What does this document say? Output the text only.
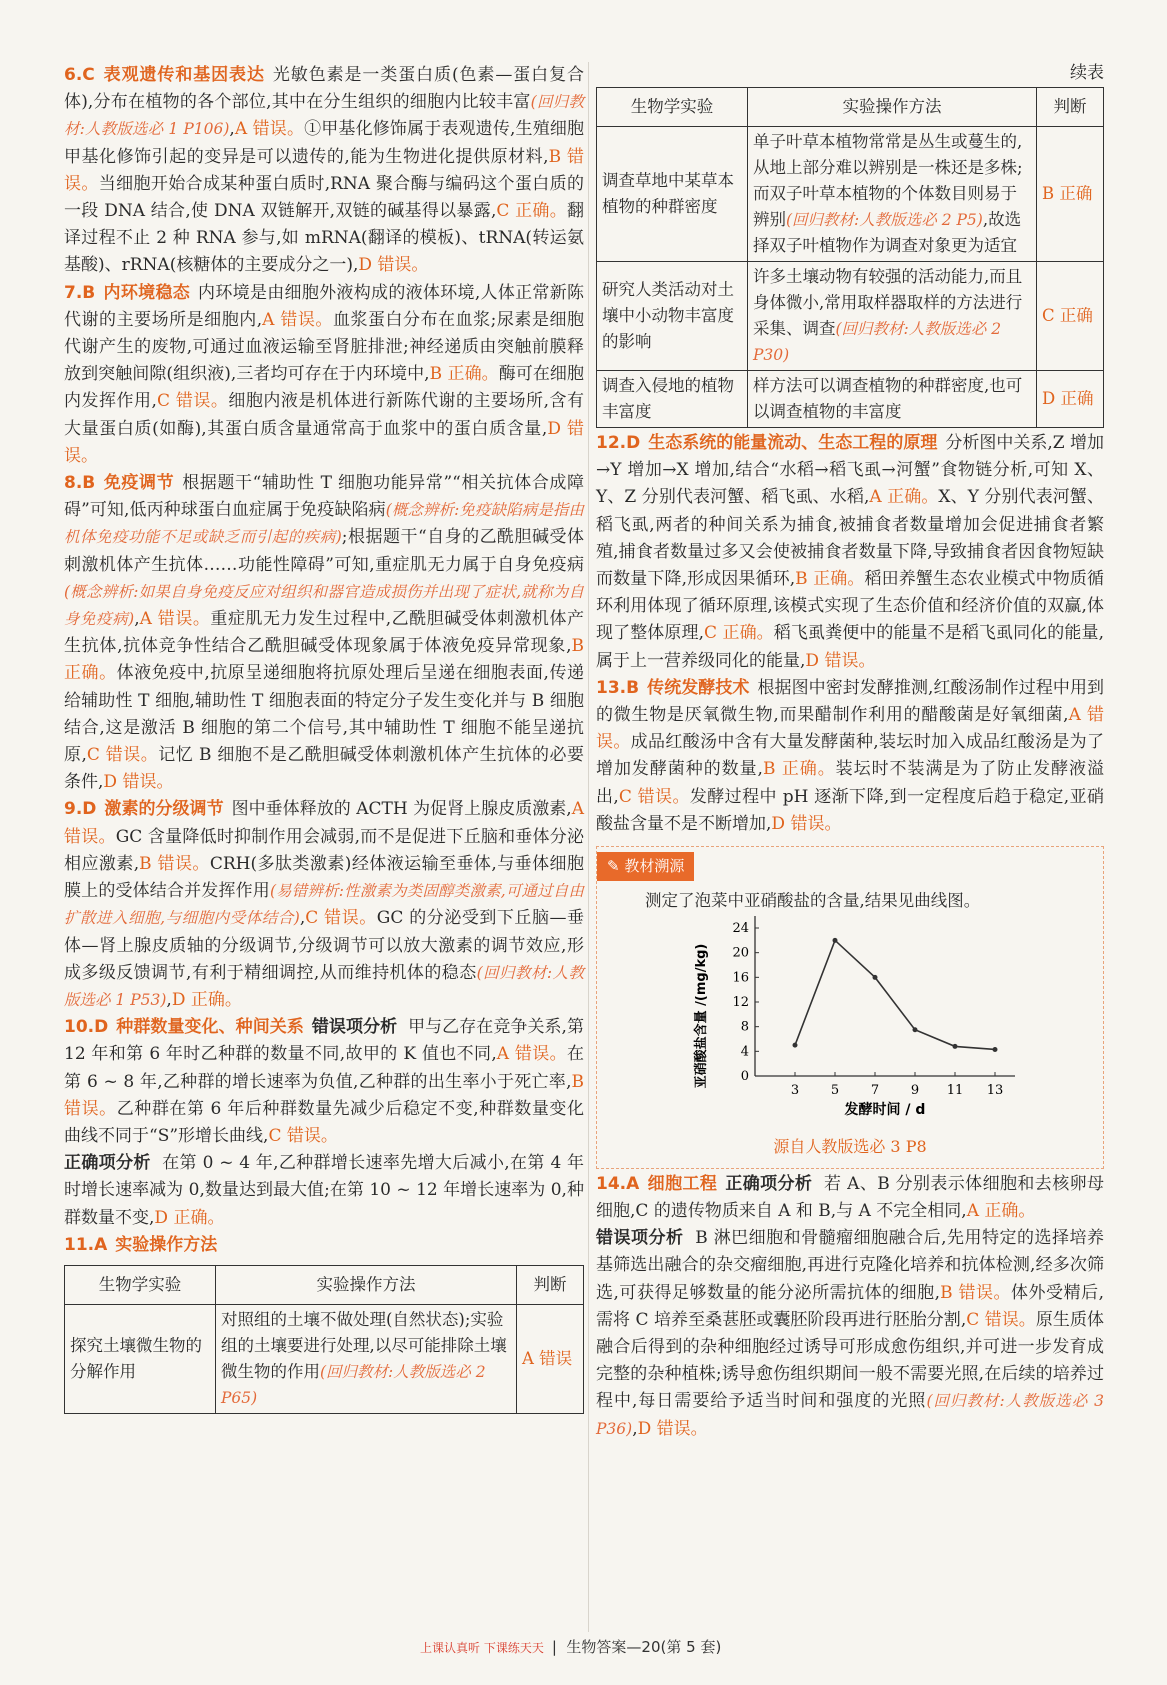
6.C 表观遗传和基因表达 光敏色素是一类蛋白质(色素—蛋白复合体),分布在植物的各个部位,其中在分生组织的细胞内比较丰富(回归教材:人教版选必 1 P106),A 错误。①甲基化修饰属于表观遗传,生殖细胞甲基化修饰引起的变异是可以遗传的,能为生物进化提供原材料,B 错误。当细胞开始合成某种蛋白质时,RNA 聚合酶与编码这个蛋白质的一段 DNA 结合,使 DNA 双链解开,双链的碱基得以暴露,C 正确。翻译过程不止 2 种 RNA 参与,如 mRNA(翻译的模板)、tRNA(转运氨基酸)、rRNA(核糖体的主要成分之一),D 错误。

7.B 内环境稳态 内环境是由细胞外液构成的液体环境,人体正常新陈代谢的主要场所是细胞内,A 错误。血浆蛋白分布在血浆;尿素是细胞代谢产生的废物,可通过血液运输至肾脏排泄;神经递质由突触前膜释放到突触间隙(组织液),三者均可存在于内环境中,B 正确。酶可在细胞内发挥作用,C 错误。细胞内液是机体进行新陈代谢的主要场所,含有大量蛋白质(如酶),其蛋白质含量通常高于血浆中的蛋白质含量,D 错误。

8.B 免疫调节 根据题干“辅助性 T 细胞功能异常”“相关抗体合成障碍”可知,低丙种球蛋白血症属于免疫缺陷病(概念辨析:免疫缺陷病是指由机体免疫功能不足或缺乏而引起的疾病);根据题干“自身的乙酰胆碱受体刺激机体产生抗体……功能性障碍”可知,重症肌无力属于自身免疫病(概念辨析:如果自身免疫反应对组织和器官造成损伤并出现了症状,就称为自身免疫病),A 错误。重症肌无力发生过程中,乙酰胆碱受体刺激机体产生抗体,抗体竞争性结合乙酰胆碱受体现象属于体液免疫异常现象,B 正确。体液免疫中,抗原呈递细胞将抗原处理后呈递在细胞表面,传递给辅助性 T 细胞,辅助性 T 细胞表面的特定分子发生变化并与 B 细胞结合,这是激活 B 细胞的第二个信号,其中辅助性 T 细胞不能呈递抗原,C 错误。记忆 B 细胞不是乙酰胆碱受体刺激机体产生抗体的必要条件,D 错误。

9.D 激素的分级调节 图中垂体释放的 ACTH 为促肾上腺皮质激素,A 错误。GC 含量降低时抑制作用会减弱,而不是促进下丘脑和垂体分泌相应激素,B 错误。CRH(多肽类激素)经体液运输至垂体,与垂体细胞膜上的受体结合并发挥作用(易错辨析:性激素为类固醇类激素,可通过自由扩散进入细胞,与细胞内受体结合),C 错误。GC 的分泌受到下丘脑—垂体—肾上腺皮质轴的分级调节,分级调节可以放大激素的调节效应,形成多级反馈调节,有利于精细调控,从而维持机体的稳态(回归教材:人教版选必 1 P53),D 正确。

10.D 种群数量变化、种间关系 错误项分析 甲与乙存在竞争关系,第 12 年和第 6 年时乙种群的数量不同,故甲的 K 值也不同,A 错误。在第 6 ~ 8 年,乙种群的增长速率为负值,乙种群的出生率小于死亡率,B 错误。乙种群在第 6 年后种群数量先减少后稳定不变,种群数量变化曲线不同于“S”形增长曲线,C 错误。

正确项分析 在第 0 ~ 4 年,乙种群增长速率先增大后减小,在第 4 年时增长速率减为 0,数量达到最大值;在第 10 ~ 12 年增长速率为 0,种群数量不变,D 正确。

11.A 实验操作方法

生物学实验	实验操作方法	判断
探究土壤微生物的分解作用	对照组的土壤不做处理(自然状态);实验组的土壤要进行处理,以尽可能排除土壤微生物的作用(回归教材:人教版选必 2 P65)	A 错误
续表
生物学实验	实验操作方法	判断
调查草地中某草本植物的种群密度	单子叶草本植物常常是丛生或蔓生的,从地上部分难以辨别是一株还是多株;而双子叶草本植物的个体数目则易于辨别(回归教材:人教版选必 2 P5),故选择双子叶植物作为调查对象更为适宜	B 正确
研究人类活动对土壤中小动物丰富度的影响	许多土壤动物有较强的活动能力,而且身体微小,常用取样器取样的方法进行采集、调查(回归教材:人教版选必 2 P30)	C 正确
调查入侵地的植物丰富度	样方法可以调查植物的种群密度,也可以调查植物的丰富度	D 正确

12.D 生态系统的能量流动、生态工程的原理 分析图中关系,Z 增加→Y 增加→X 增加,结合“水稻→稻飞虱→河蟹”食物链分析,可知 X、Y、Z 分别代表河蟹、稻飞虱、水稻,A 正确。X、Y 分别代表河蟹、稻飞虱,两者的种间关系为捕食,被捕食者数量增加会促进捕食者繁殖,捕食者数量过多又会使被捕食者数量下降,导致捕食者因食物短缺而数量下降,形成因果循环,B 正确。稻田养蟹生态农业模式中物质循环利用体现了循环原理,该模式实现了生态价值和经济价值的双赢,体现了整体原理,C 正确。稻飞虱粪便中的能量不是稻飞虱同化的能量,属于上一营养级同化的能量,D 错误。

13.B 传统发酵技术 根据图中密封发酵推测,红酸汤制作过程中用到的微生物是厌氧微生物,而果醋制作利用的醋酸菌是好氧细菌,A 错误。成品红酸汤中含有大量发酵菌种,装坛时加入成品红酸汤是为了增加发酵菌种的数量,B 正确。装坛时不装满是为了防止发酵液溢出,C 错误。发酵过程中 pH 逐渐下降,到一定程度后趋于稳定,亚硝酸盐含量不是不断增加,D 错误。

✎ 教材溯源
测定了泡菜中亚硝酸盐的含量,结果见曲线图。
亚硝酸盐含量 /(mg/kg) 0
4
8
12
16
20
24
3 5 7 9 11 13
发酵时间 / d
源自人教版选必 3 P8

14.A 细胞工程 正确项分析 若 A、B 分别表示体细胞和去核卵母细胞,C 的遗传物质来自 A 和 B,与 A 不完全相同,A 正确。

错误项分析 B 淋巴细胞和骨髓瘤细胞融合后,先用特定的选择培养基筛选出融合的杂交瘤细胞,再进行克隆化培养和抗体检测,经多次筛选,可获得足够数量的能分泌所需抗体的细胞,B 错误。体外受精后,需将 C 培养至桑葚胚或囊胚阶段再进行胚胎分割,C 错误。原生质体融合后得到的杂种细胞经过诱导可形成愈伤组织,并可进一步发育成完整的杂种植株;诱导愈伤组织期间一般不需要光照,在后续的培养过程中,每日需要给予适当时间和强度的光照(回归教材:人教版选必 3 P36),D 错误。

上课认真听 下课练天天 |  生物答案—20(第 5 套)
